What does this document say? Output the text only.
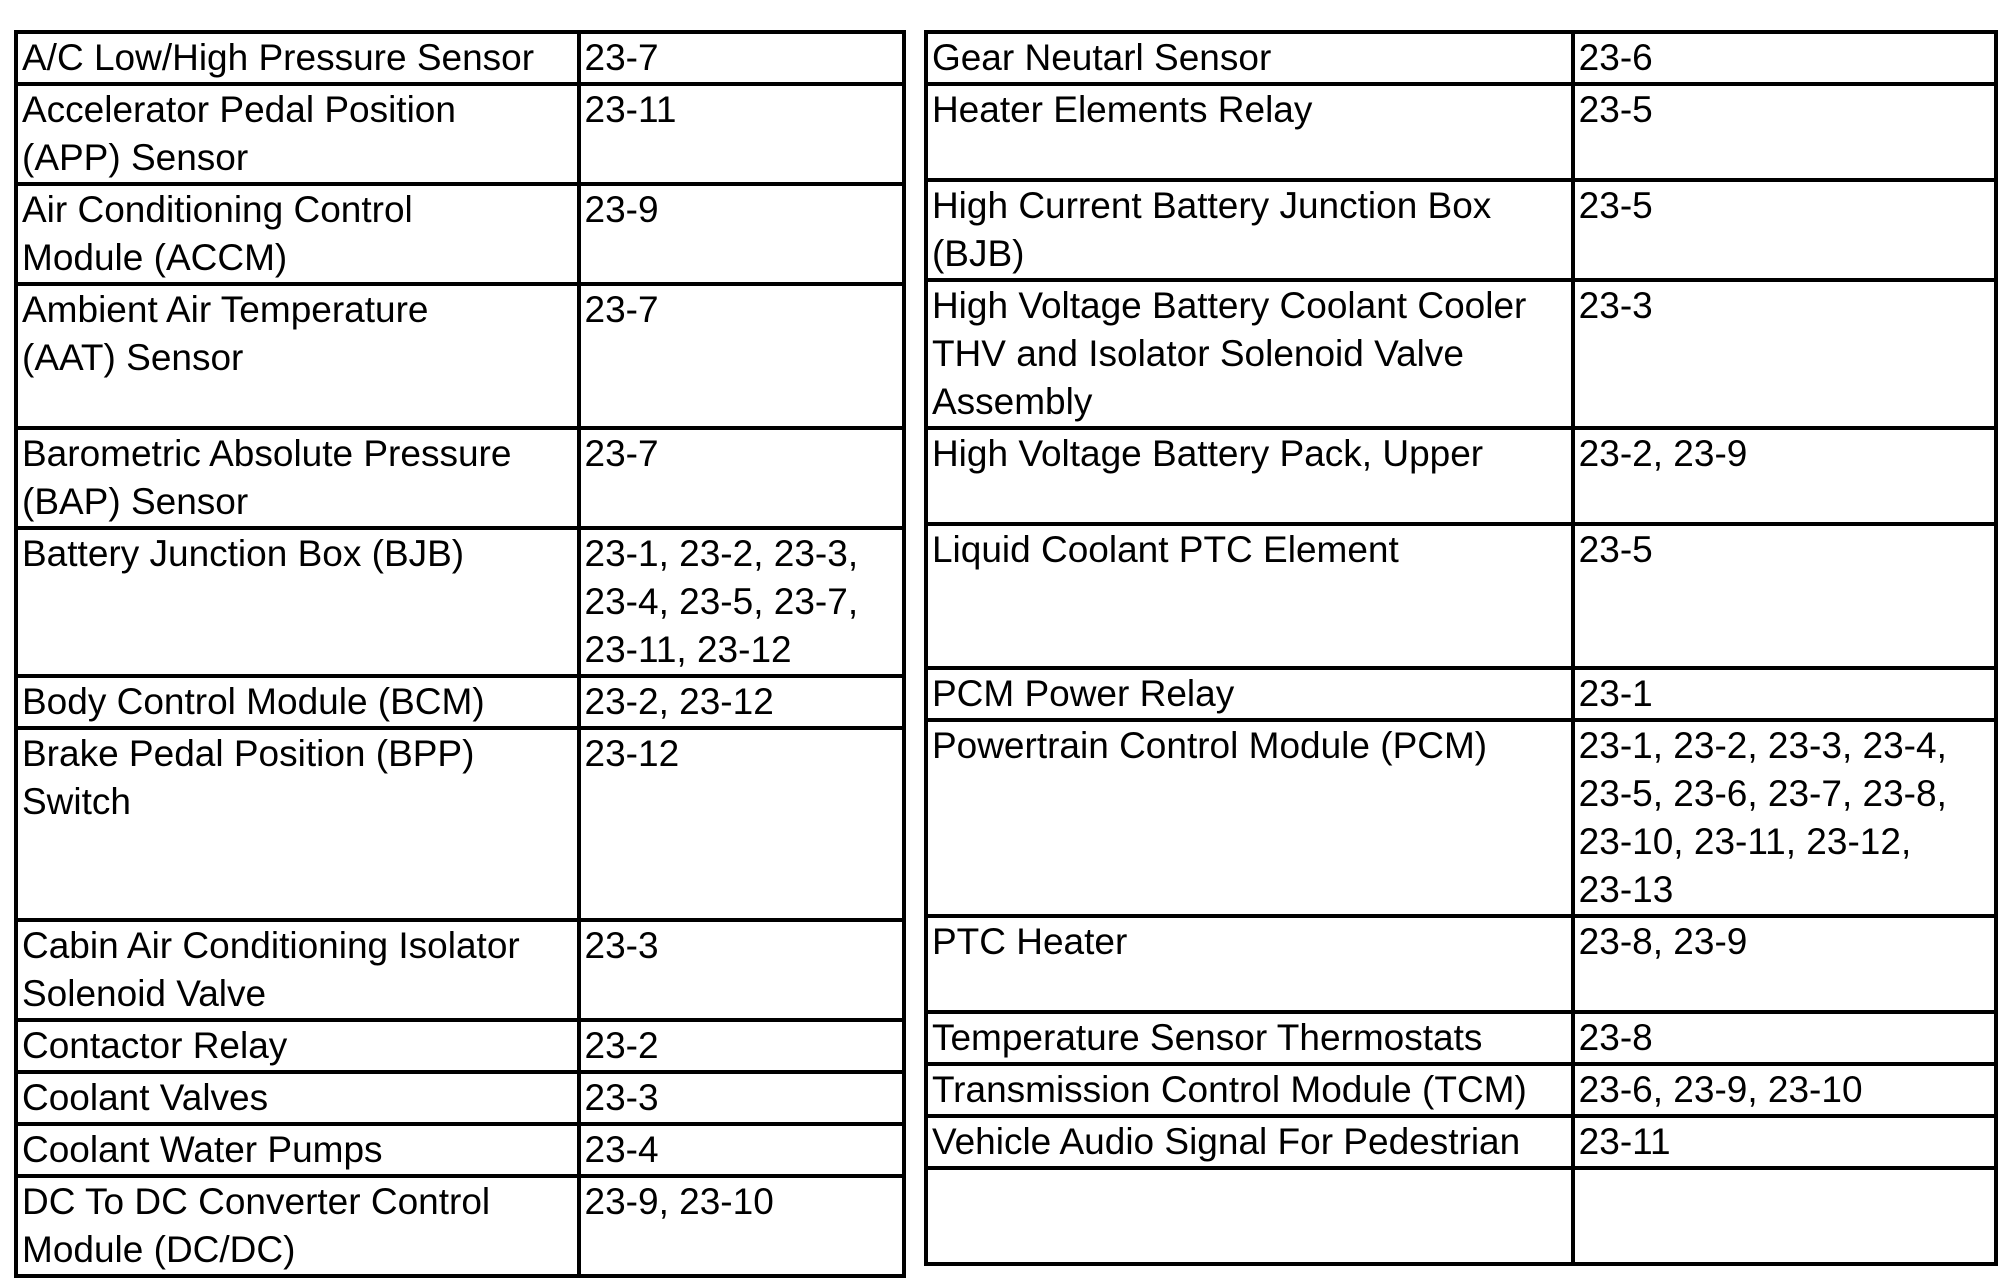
A/C Low/High Pressure Sensor	23-7

Accelerator Pedal Position
(APP) Sensor	23-11

Air Conditioning Control
Module (ACCM)	23-9

Ambient Air Temperature
(AAT) Sensor	23-7

Barometric Absolute Pressure
(BAP) Sensor	23-7

Battery Junction Box (BJB)	23-1, 23-2, 23-3,
23-4, 23-5, 23-7,
23-11, 23-12

Body Control Module (BCM)	23-2, 23-12

Brake Pedal Position (BPP)
Switch	23-12

Cabin Air Conditioning Isolator
Solenoid Valve	23-3

Contactor Relay	23-2

Coolant Valves	23-3

Coolant Water Pumps	23-4

DC To DC Converter Control
Module (DC/DC)	23-9, 23-10
Gear Neutarl Sensor	23-6

Heater Elements Relay	23-5

High Current Battery Junction Box
(BJB)	23-5

High Voltage Battery Coolant Cooler
THV and Isolator Solenoid Valve
Assembly	23-3

High Voltage Battery Pack, Upper	23-2, 23-9

Liquid Coolant PTC Element	23-5

PCM Power Relay	23-1

Powertrain Control Module (PCM)	23-1, 23-2, 23-3, 23-4,
23-5, 23-6, 23-7, 23-8,
23-10, 23-11, 23-12,
23-13

PTC Heater	23-8, 23-9

Temperature Sensor Thermostats	23-8

Transmission Control Module (TCM)	23-6, 23-9, 23-10

Vehicle Audio Signal For Pedestrian	23-11
